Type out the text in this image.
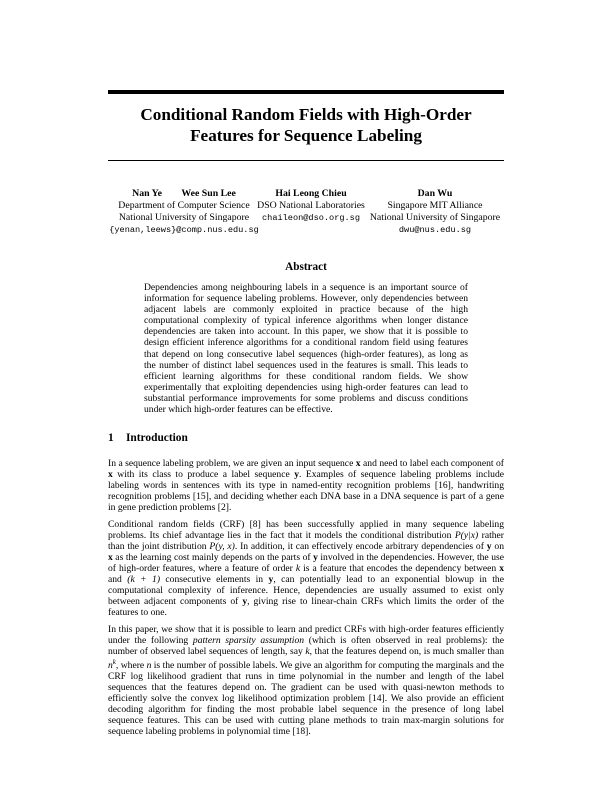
Conditional Random Fields with High-Order
Features for Sequence Labeling
Nan Ye        Wee Sun Lee
Department of Computer Science
National University of Singapore
{yenan,leews}@comp.nus.edu.sg
Hai Leong Chieu
DSO National Laboratories
chaileon@dso.org.sg
Dan Wu
Singapore MIT Alliance
National University of Singapore
dwu@nus.edu.sg
Abstract

Dependencies among neighbouring labels in a sequence is an important source of information for sequence labeling problems. However, only dependencies between adjacent labels are commonly exploited in practice because of the high computational complexity of typical inference algorithms when longer distance dependencies are taken into account. In this paper, we show that it is possible to design efficient inference algorithms for a conditional random field using features that depend on long consecutive label sequences (high-order features), as long as the number of distinct label sequences used in the features is small. This leads to efficient learning algorithms for these conditional random fields. We show experimentally that exploiting dependencies using high-order features can lead to substantial performance improvements for some problems and discuss conditions under which high-order features can be effective.

1 Introduction

In a sequence labeling problem, we are given an input sequence x and need to label each component of x with its class to produce a label sequence y. Examples of sequence labeling problems include labeling words in sentences with its type in named-entity recognition problems [16], handwriting recognition problems [15], and deciding whether each DNA base in a DNA sequence is part of a gene in gene prediction problems [2].

Conditional random fields (CRF) [8] has been successfully applied in many sequence labeling problems. Its chief advantage lies in the fact that it models the conditional distribution P(y|x) rather than the joint distribution P(y, x). In addition, it can effectively encode arbitrary dependencies of y on x as the learning cost mainly depends on the parts of y involved in the dependencies. However, the use of high-order features, where a feature of order k is a feature that encodes the dependency between x and (k + 1) consecutive elements in y, can potentially lead to an exponential blowup in the computational complexity of inference. Hence, dependencies are usually assumed to exist only between adjacent components of y, giving rise to linear-chain CRFs which limits the order of the features to one.

In this paper, we show that it is possible to learn and predict CRFs with high-order features efficiently under the following pattern sparsity assumption (which is often observed in real problems): the number of observed label sequences of length, say k, that the features depend on, is much smaller than $n^k$, where n is the number of possible labels. We give an algorithm for computing the marginals and the CRF log likelihood gradient that runs in time polynomial in the number and length of the label sequences that the features depend on. The gradient can be used with quasi-newton methods to efficiently solve the convex log likelihood optimization problem [14]. We also provide an efficient decoding algorithm for finding the most probable label sequence in the presence of long label sequence features. This can be used with cutting plane methods to train max-margin solutions for sequence labeling problems in polynomial time [18].
